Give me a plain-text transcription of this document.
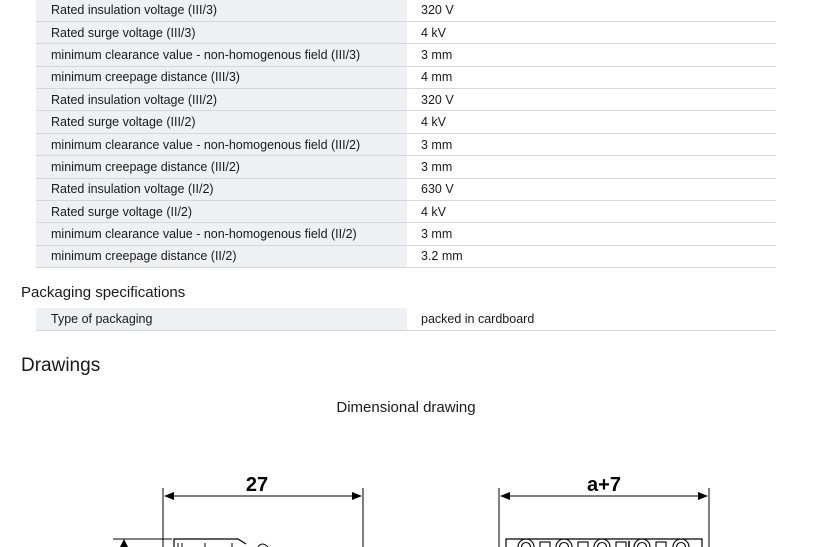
Rated insulation voltage (III/3)	320 V
Rated surge voltage (III/3)	4 kV
minimum clearance value - non-homogenous field (III/3)	3 mm
minimum creepage distance (III/3)	4 mm
Rated insulation voltage (III/2)	320 V
Rated surge voltage (III/2)	4 kV
minimum clearance value - non-homogenous field (III/2)	3 mm
minimum creepage distance (III/2)	3 mm
Rated insulation voltage (II/2)	630 V
Rated surge voltage (II/2)	4 kV
minimum clearance value - non-homogenous field (II/2)	3 mm
minimum creepage distance (II/2)	3.2 mm
Packaging specifications
Type of packaging	packed in cardboard
Drawings
Dimensional drawing
27	a+7
